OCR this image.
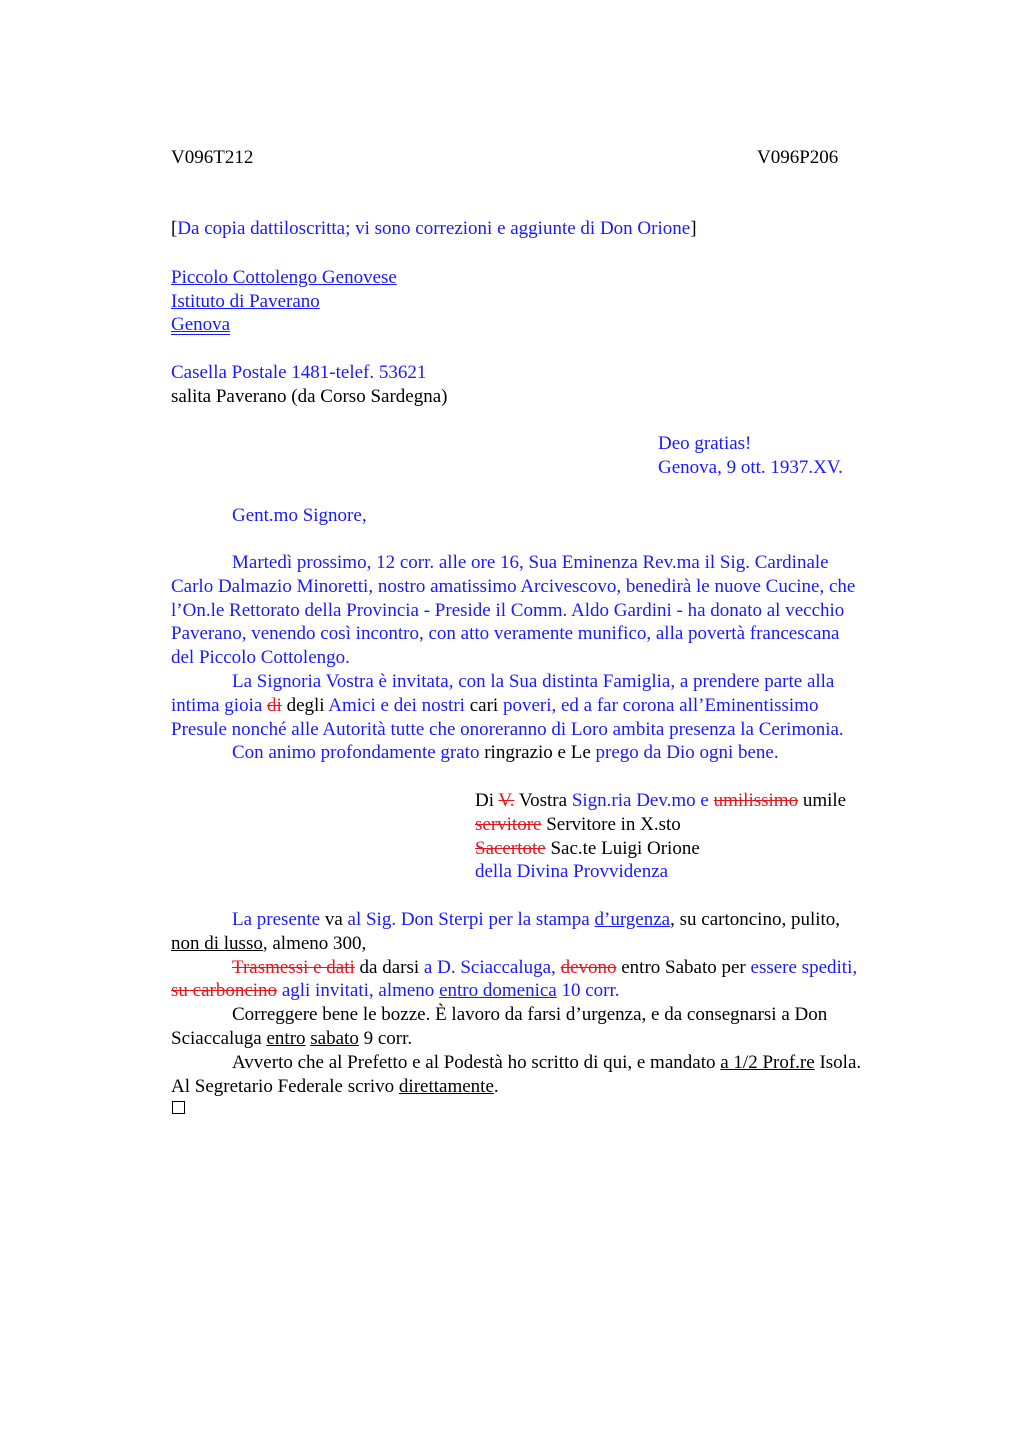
V096T212	V096P206
[Da copia dattiloscritta; vi sono correzioni e aggiunte di Don Orione]
Piccolo Cottolengo Genovese
Istituto di Paverano
Genova
Casella Postale 1481-telef. 53621
salita Paverano (da Corso Sardegna)
Deo gratias!
Genova, 9 ott. 1937.XV.
Gent.mo Signore,
Martedì prossimo, 12 corr. alle ore 16, Sua Eminenza Rev.ma il Sig. Cardinale
Carlo Dalmazio Minoretti, nostro amatissimo Arcivescovo, benedirà le nuove Cucine, che
l’On.le Rettorato della Provincia - Preside il Comm. Aldo Gardini - ha donato al vecchio
Paverano, venendo così incontro, con atto veramente munifico, alla povertà francescana
del Piccolo Cottolengo.
La Signoria Vostra è invitata, con la Sua distinta Famiglia, a prendere parte alla
intima gioia di degli Amici e dei nostri cari poveri, ed a far corona all’Eminentissimo
Presule nonché alle Autorità tutte che onoreranno di Loro ambita presenza la Cerimonia.
Con animo profondamente grato ringrazio e Le prego da Dio ogni bene.
Di V. Vostra Sign.ria Dev.mo e umilissimo umile
servitore Servitore in X.sto
Sacertote Sac.te Luigi Orione
della Divina Provvidenza
La presente va al Sig. Don Sterpi per la stampa d’urgenza, su cartoncino, pulito,
non di lusso, almeno 300,
Trasmessi e dati da darsi a D. Sciaccaluga, devono entro Sabato per essere spediti,
su carboncino agli invitati, almeno entro domenica 10 corr.
Correggere bene le bozze. È lavoro da farsi d’urgenza, e da consegnarsi a Don
Sciaccaluga entro sabato 9 corr.
Avverto che al Prefetto e al Podestà ho scritto di qui, e mandato a 1/2 Prof.re Isola.
Al Segretario Federale scrivo direttamente.
